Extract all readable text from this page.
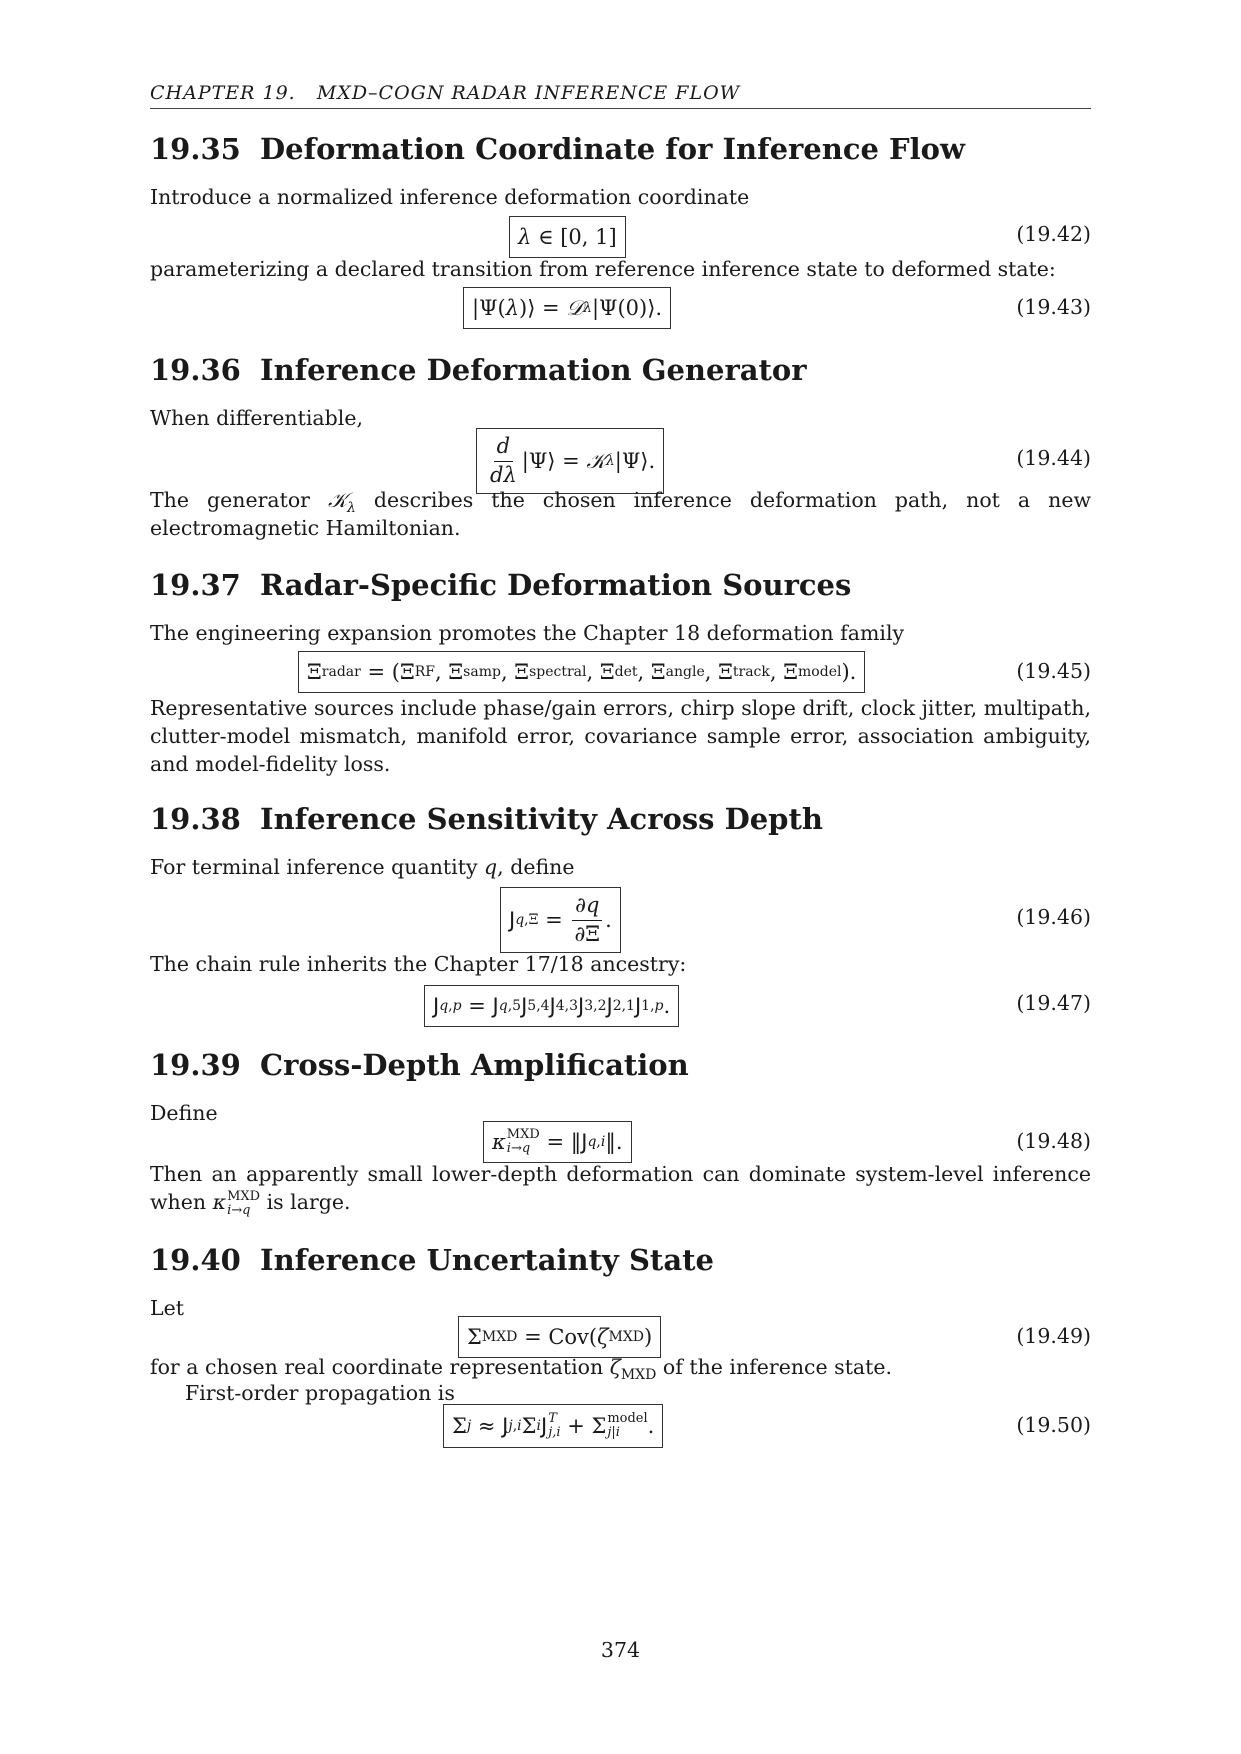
CHAPTER 19.   MXD–COGN RADAR INFERENCE FLOW
19.35 Deformation Coordinate for Inference Flow

Introduce a normalized inference deformation coordinate

λ ∈ [0, 1]	(19.42)

parameterizing a declared transition from reference inference state to deformed state:

|Ψ( λ )⟩ = 𝒟 λ |Ψ(0)⟩.	(19.43)
19.36 Inference Deformation Generator

When differentiable,

$\frac{d}{d\lambda}$ |Ψ⟩ = 𝒦 λ |Ψ⟩.	(19.44)

The generator 𝒦$_\lambda$ describes the chosen inference deformation path, not a new electromagnetic Hamiltonian.

19.37 Radar-Specific Deformation Sources

The engineering expansion promotes the Chapter 18 deformation family

Ξ radar = (Ξ RF , Ξ samp , Ξ spectral , Ξ det , Ξ angle , Ξ track , Ξ model ).	(19.45)

Representative sources include phase/gain errors, chirp slope drift, clock jitter, multipath, clutter-model mismatch, manifold error, covariance sample error, association ambiguity, and model-fidelity loss.

19.38 Inference Sensitivity Across Depth

For terminal inference quantity q, define

J $q,\Xi = \frac{\partial q}{\partial\Xi}$ .	(19.46)

The chain rule inherits the Chapter 17/18 ancestry:

J q,p = J q,5 J 5,4 J 4,3 J 3,2 J 2,1 J 1,p .	(19.47)
19.39 Cross-Depth Amplification

Define

κ MXD
i→q = ‖ J q,i ‖.	(19.48)

Then an apparently small lower-depth deformation can dominate system-level inference when κ MXD
i→q is large.

19.40 Inference Uncertainty State

Let

Σ MXD = Cov( ζ MXD )	(19.49)

for a chosen real coordinate representation $\zeta_{MXD}$ of the inference state.

First-order propagation is

Σ j ≈ J j,i Σ i J T
j,i + Σ model
j|i	.	(19.50)
374
